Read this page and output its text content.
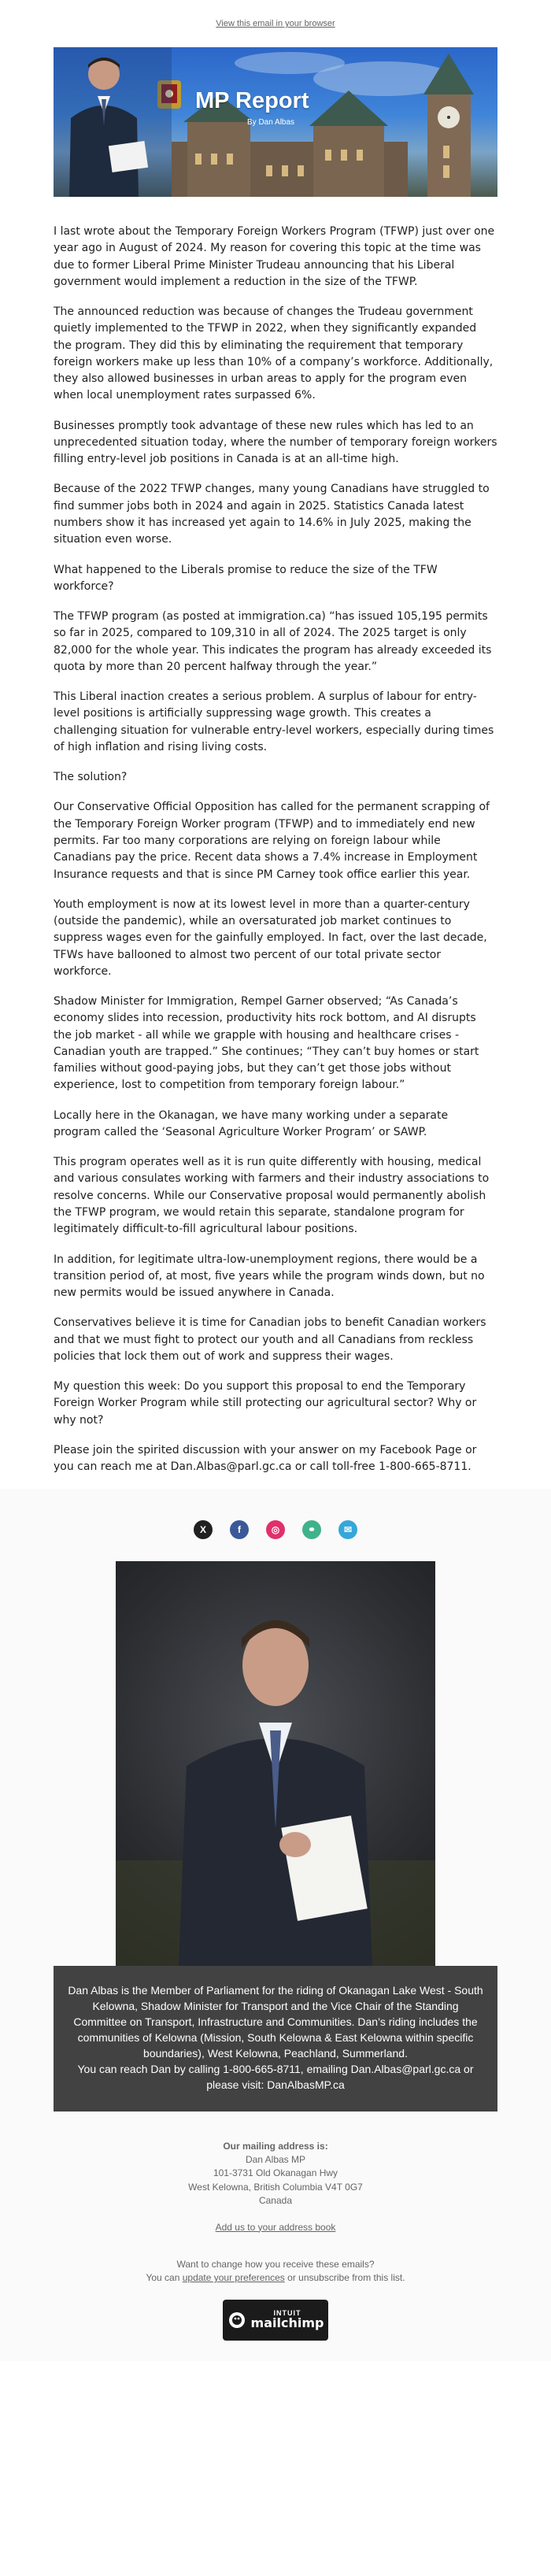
View this email in your browser
MP Report
By Dan Albas

I last wrote about the Temporary Foreign Workers Program (TFWP) just over one year ago in August of 2024. My reason for covering this topic at the time was due to former Liberal Prime Minister Trudeau announcing that his Liberal government would implement a reduction in the size of the TFWP.

The announced reduction was because of changes the Trudeau government quietly implemented to the TFWP in 2022, when they significantly expanded the program. They did this by eliminating the requirement that temporary foreign workers make up less than 10% of a company’s workforce. Additionally, they also allowed businesses in urban areas to apply for the program even when local unemployment rates surpassed 6%.

Businesses promptly took advantage of these new rules which has led to an unprecedented situation today, where the number of temporary foreign workers filling entry-level job positions in Canada is at an all-time high.

Because of the 2022 TFWP changes, many young Canadians have struggled to find summer jobs both in 2024 and again in 2025. Statistics Canada latest numbers show it has increased yet again to 14.6% in July 2025, making the situation even worse.

What happened to the Liberals promise to reduce the size of the TFW workforce?

The TFWP program (as posted at immigration.ca) “has issued 105,195 permits so far in 2025, compared to 109,310 in all of 2024. The 2025 target is only 82,000 for the whole year. This indicates the program has already exceeded its quota by more than 20 percent halfway through the year.”

This Liberal inaction creates a serious problem. A surplus of labour for entry-level positions is artificially suppressing wage growth. This creates a challenging situation for vulnerable entry-level workers, especially during times of high inflation and rising living costs.

The solution?

Our Conservative Official Opposition has called for the permanent scrapping of the Temporary Foreign Worker program (TFWP) and to immediately end new permits. Far too many corporations are relying on foreign labour while Canadians pay the price. Recent data shows a 7.4% increase in Employment Insurance requests and that is since PM Carney took office earlier this year.

Youth employment is now at its lowest level in more than a quarter-century (outside the pandemic), while an oversaturated job market continues to suppress wages even for the gainfully employed. In fact, over the last decade, TFWs have ballooned to almost two percent of our total private sector workforce.

Shadow Minister for Immigration, Rempel Garner observed; “As Canada’s economy slides into recession, productivity hits rock bottom, and AI disrupts the job market - all while we grapple with housing and healthcare crises - Canadian youth are trapped.” She continues; “They can’t buy homes or start families without good-paying jobs, but they can’t get those jobs without experience, lost to competition from temporary foreign labour.”

Locally here in the Okanagan, we have many working under a separate program called the ‘Seasonal Agriculture Worker Program’ or SAWP.

This program operates well as it is run quite differently with housing, medical and various consulates working with farmers and their industry associations to resolve concerns. While our Conservative proposal would permanently abolish the TFWP program, we would retain this separate, standalone program for legitimately difficult-to-fill agricultural labour positions.

In addition, for legitimate ultra-low-unemployment regions, there would be a transition period of, at most, five years while the program winds down, but no new permits would be issued anywhere in Canada.

Conservatives believe it is time for Canadian jobs to benefit Canadian workers and that we must fight to protect our youth and all Canadians from reckless policies that lock them out of work and suppress their wages.

My question this week: Do you support this proposal to end the Temporary Foreign Worker Program while still protecting our agricultural sector? Why or why not?

Please join the spirited discussion with your answer on my Facebook Page or you can reach me at Dan.Albas@parl.gc.ca or call toll-free 1-800-665-8711.

X	f	◎	⚭	✉

Dan Albas is the Member of Parliament for the riding of Okanagan Lake West - South Kelowna, Shadow Minister for Transport and the Vice Chair of the Standing Committee on Transport, Infrastructure and Communities. Dan’s riding includes the communities of Kelowna (Mission, South Kelowna & East Kelowna within specific boundaries), West Kelowna, Peachland, Summerland.

You can reach Dan by calling 1-800-665-8711, emailing Dan.Albas@parl.gc.ca or please visit: DanAlbasMP.ca

Our mailing address is:
Dan Albas MP
101-3731 Old Okanagan Hwy
West Kelowna, British Columbia V4T 0G7
Canada
Add us to your address book
Want to change how you receive these emails?
You can update your preferences or unsubscribe from this list.
INTUIT
mailchimp
